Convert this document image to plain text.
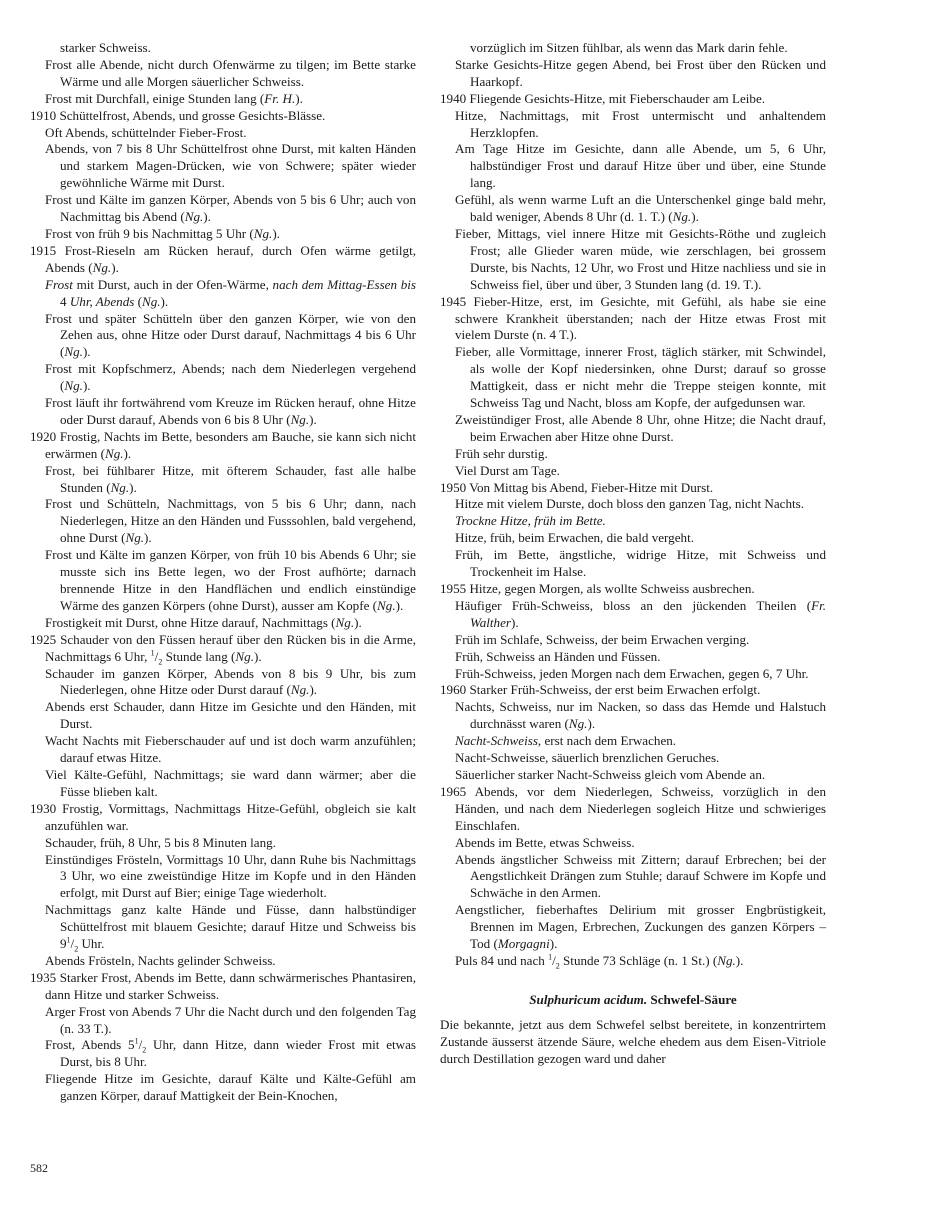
starker Schweiss.

Frost alle Abende, nicht durch Ofenwärme zu tilgen; im Bette starke Wärme und alle Morgen säuerlicher Schweiss.

Frost mit Durchfall, einige Stunden lang (Fr. H.).

1910 Schüttelfrost, Abends, und grosse Gesichts-Blässe.

Oft Abends, schüttelnder Fieber-Frost.

Abends, von 7 bis 8 Uhr Schüttelfrost ohne Durst, mit kalten Händen und starkem Magen-Drücken, wie von Schwere; später wieder gewöhnliche Wärme mit Durst.

Frost und Kälte im ganzen Körper, Abends von 5 bis 6 Uhr; auch von Nachmittag bis Abend (Ng.).

Frost von früh 9 bis Nachmittag 5 Uhr (Ng.).

1915 Frost-Rieseln am Rücken herauf, durch Ofen wärme getilgt, Abends (Ng.).

Frost mit Durst, auch in der Ofen-Wärme, nach dem Mittag-Essen bis 4 Uhr, Abends (Ng.).

Frost und später Schütteln über den ganzen Körper, wie von den Zehen aus, ohne Hitze oder Durst darauf, Nachmittags 4 bis 6 Uhr (Ng.).

Frost mit Kopfschmerz, Abends; nach dem Niederlegen vergehend (Ng.).

Frost läuft ihr fortwährend vom Kreuze im Rücken herauf, ohne Hitze oder Durst darauf, Abends von 6 bis 8 Uhr (Ng.).

1920 Frostig, Nachts im Bette, besonders am Bauche, sie kann sich nicht erwärmen (Ng.).

Frost, bei fühlbarer Hitze, mit öfterem Schauder, fast alle halbe Stunden (Ng.).

Frost und Schütteln, Nachmittags, von 5 bis 6 Uhr; dann, nach Niederlegen, Hitze an den Händen und Fusssohlen, bald vergehend, ohne Durst (Ng.).

Frost und Kälte im ganzen Körper, von früh 10 bis Abends 6 Uhr; sie musste sich ins Bette legen, wo der Frost aufhörte; darnach brennende Hitze in den Handflächen und endlich einstündige Wärme des ganzen Körpers (ohne Durst), ausser am Kopfe (Ng.).

Frostigkeit mit Durst, ohne Hitze darauf, Nachmittags (Ng.).

1925 Schauder von den Füssen herauf über den Rücken bis in die Arme, Nachmittags 6 Uhr, $^1/_2$ Stunde lang (Ng.).

Schauder im ganzen Körper, Abends von 8 bis 9 Uhr, bis zum Niederlegen, ohne Hitze oder Durst darauf (Ng.).

Abends erst Schauder, dann Hitze im Gesichte und den Händen, mit Durst.

Wacht Nachts mit Fieberschauder auf und ist doch warm anzufühlen; darauf etwas Hitze.

Viel Kälte-Gefühl, Nachmittags; sie ward dann wärmer; aber die Füsse blieben kalt.

1930 Frostig, Vormittags, Nachmittags Hitze-Gefühl, obgleich sie kalt anzufühlen war.

Schauder, früh, 8 Uhr, 5 bis 8 Minuten lang.

Einstündiges Frösteln, Vormittags 10 Uhr, dann Ruhe bis Nachmittags 3 Uhr, wo eine zweistündige Hitze im Kopfe und in den Händen erfolgt, mit Durst auf Bier; einige Tage wiederholt.

Nachmittags ganz kalte Hände und Füsse, dann halbstündiger Schüttelfrost mit blauem Gesichte; darauf Hitze und Schweiss bis $9^1/_2$ Uhr.

Abends Frösteln, Nachts gelinder Schweiss.

1935 Starker Frost, Abends im Bette, dann schwärmerisches Phantasiren, dann Hitze und starker Schweiss.

Arger Frost von Abends 7 Uhr die Nacht durch und den folgenden Tag (n. 33 T.).

Frost, Abends $5^1/_2$ Uhr, dann Hitze, dann wieder Frost mit etwas Durst, bis 8 Uhr.

Fliegende Hitze im Gesichte, darauf Kälte und Kälte-Gefühl am ganzen Körper, darauf Mattigkeit der Bein-Knochen,

vorzüglich im Sitzen fühlbar, als wenn das Mark darin fehle.

Starke Gesichts-Hitze gegen Abend, bei Frost über den Rücken und Haarkopf.

1940 Fliegende Gesichts-Hitze, mit Fieberschauder am Leibe.

Hitze, Nachmittags, mit Frost untermischt und anhaltendem Herzklopfen.

Am Tage Hitze im Gesichte, dann alle Abende, um 5, 6 Uhr, halbstündiger Frost und darauf Hitze über und über, eine Stunde lang.

Gefühl, als wenn warme Luft an die Unterschenkel ginge bald mehr, bald weniger, Abends 8 Uhr (d. 1. T.) (Ng.).

Fieber, Mittags, viel innere Hitze mit Gesichts-Röthe und zugleich Frost; alle Glieder waren müde, wie zerschlagen, bei grossem Durste, bis Nachts, 12 Uhr, wo Frost und Hitze nachliess und sie in Schweiss fiel, über und über, 3 Stunden lang (d. 19. T.).

1945 Fieber-Hitze, erst, im Gesichte, mit Gefühl, als habe sie eine schwere Krankheit überstanden; nach der Hitze etwas Frost mit vielem Durste (n. 4 T.).

Fieber, alle Vormittage, innerer Frost, täglich stärker, mit Schwindel, als wolle der Kopf niedersinken, ohne Durst; darauf so grosse Mattigkeit, dass er nicht mehr die Treppe steigen konnte, mit Schweiss Tag und Nacht, bloss am Kopfe, der aufgedunsen war.

Zweistündiger Frost, alle Abende 8 Uhr, ohne Hitze; die Nacht drauf, beim Erwachen aber Hitze ohne Durst.

Früh sehr durstig.

Viel Durst am Tage.

1950 Von Mittag bis Abend, Fieber-Hitze mit Durst.

Hitze mit vielem Durste, doch bloss den ganzen Tag, nicht Nachts.

Trockne Hitze, früh im Bette.

Hitze, früh, beim Erwachen, die bald vergeht.

Früh, im Bette, ängstliche, widrige Hitze, mit Schweiss und Trockenheit im Halse.

1955 Hitze, gegen Morgen, als wollte Schweiss ausbrechen.

Häufiger Früh-Schweiss, bloss an den jückenden Theilen (Fr. Walther).

Früh im Schlafe, Schweiss, der beim Erwachen verging.

Früh, Schweiss an Händen und Füssen.

Früh-Schweiss, jeden Morgen nach dem Erwachen, gegen 6, 7 Uhr.

1960 Starker Früh-Schweiss, der erst beim Erwachen erfolgt.

Nachts, Schweiss, nur im Nacken, so dass das Hemde und Halstuch durchnässt waren (Ng.).

Nacht-Schweiss, erst nach dem Erwachen.

Nacht-Schweisse, säuerlich brenzlichen Geruches.

Säuerlicher starker Nacht-Schweiss gleich vom Abende an.

1965 Abends, vor dem Niederlegen, Schweiss, vorzüglich in den Händen, und nach dem Niederlegen sogleich Hitze und schwieriges Einschlafen.

Abends im Bette, etwas Schweiss.

Abends ängstlicher Schweiss mit Zittern; darauf Erbrechen; bei der Aengstlichkeit Drängen zum Stuhle; darauf Schwere im Kopfe und Schwäche in den Armen.

Aengstlicher, fieberhaftes Delirium mit grosser Engbrüstigkeit, Brennen im Magen, Erbrechen, Zuckungen des ganzen Körpers – Tod (Morgagni).

Puls 84 und nach $^1/_2$ Stunde 73 Schläge (n. 1 St.) (Ng.).

Sulphuricum acidum. Schwefel-Säure

Die bekannte, jetzt aus dem Schwefel selbst bereitete, in konzentrirtem Zustande äusserst ätzende Säure, welche ehedem aus dem Eisen-Vitriole durch Destillation gezogen ward und daher

582
